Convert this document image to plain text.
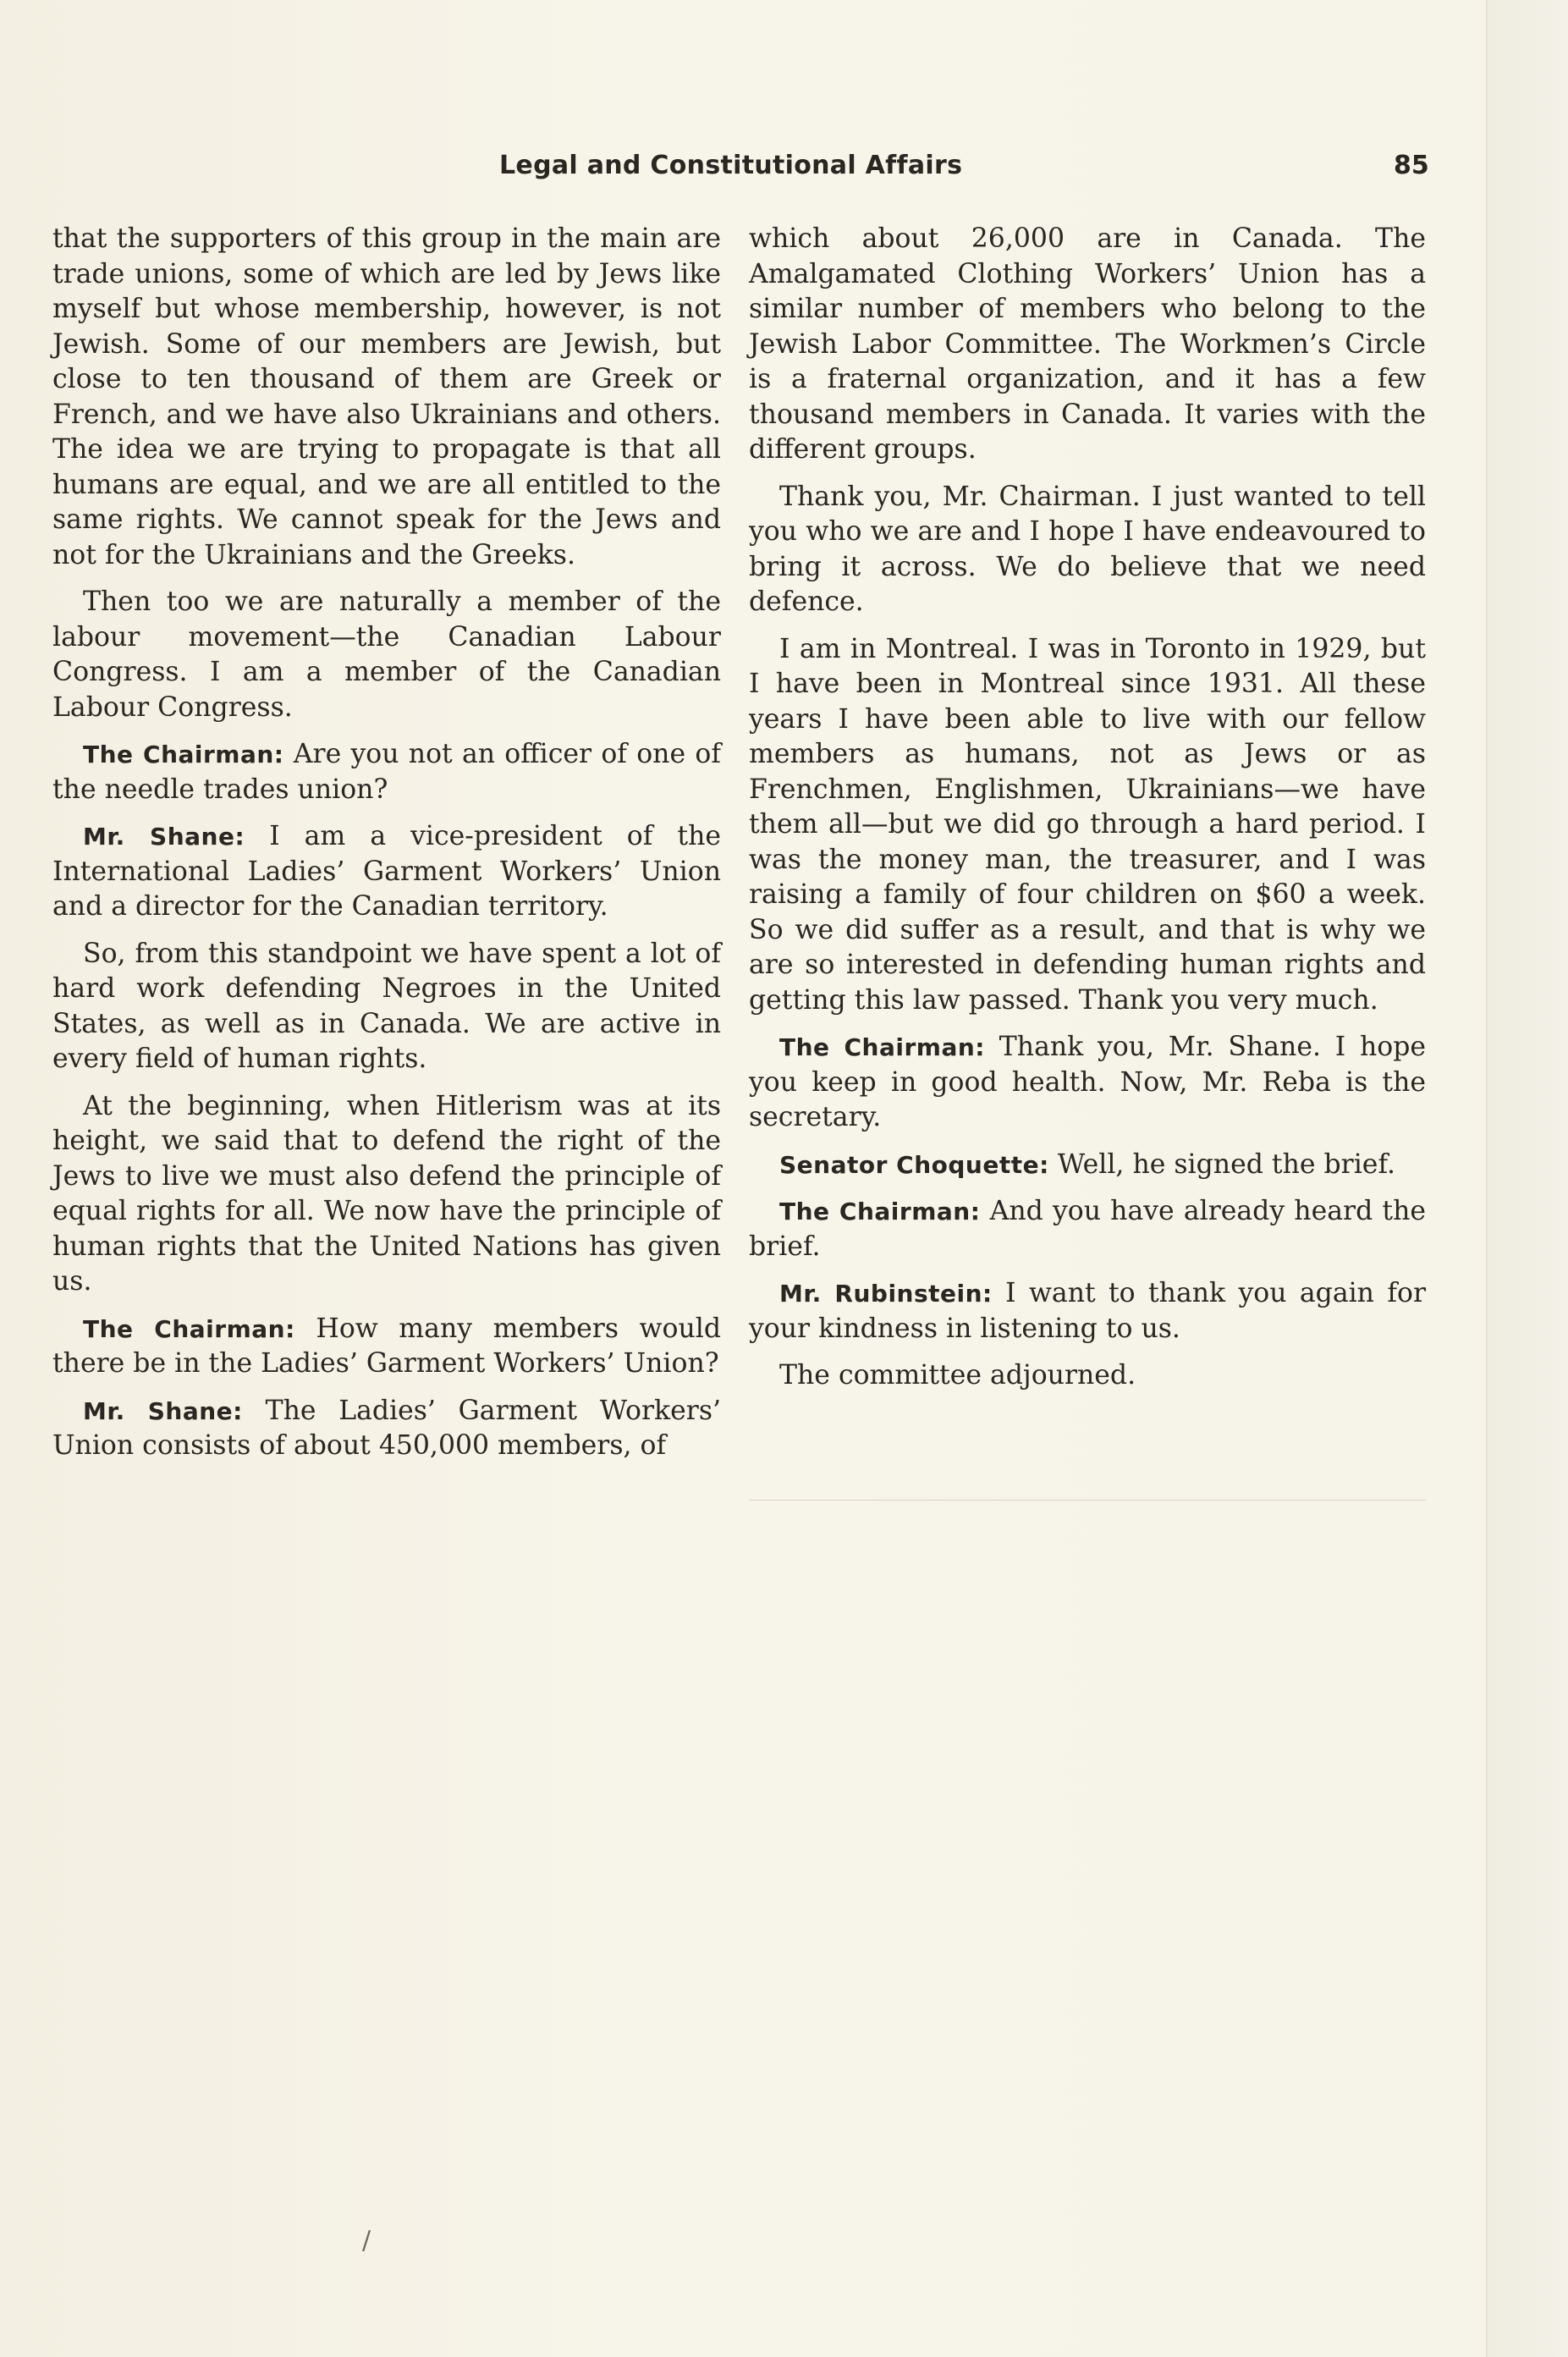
Legal and Constitutional Affairs	85

that the supporters of this group in the main are trade unions, some of which are led by Jews like myself but whose membership, however, is not Jewish. Some of our members are Jewish, but close to ten thousand of them are Greek or French, and we have also Ukrainians and others. The idea we are trying to propagate is that all humans are equal, and we are all entitled to the same rights. We cannot speak for the Jews and not for the Ukrainians and the Greeks.

Then too we are naturally a member of the labour movement—the Canadian Labour Congress. I am a member of the Canadian Labour Congress.

The Chairman: Are you not an officer of one of the needle trades union?

Mr. Shane: I am a vice-president of the International Ladies’ Garment Workers’ Union and a director for the Canadian territory.

So, from this standpoint we have spent a lot of hard work defending Negroes in the United States, as well as in Canada. We are active in every field of human rights.

At the beginning, when Hitlerism was at its height, we said that to defend the right of the Jews to live we must also defend the principle of equal rights for all. We now have the principle of human rights that the United Nations has given us.

The Chairman: How many members would there be in the Ladies’ Garment Workers’ Union?

Mr. Shane: The Ladies’ Garment Workers’ Union consists of about 450,000 members, of

which about 26,000 are in Canada. The Amalgamated Clothing Workers’ Union has a similar number of members who belong to the Jewish Labor Committee. The Workmen’s Circle is a fraternal organization, and it has a few thousand members in Canada. It varies with the different groups.

Thank you, Mr. Chairman. I just wanted to tell you who we are and I hope I have endeavoured to bring it across. We do believe that we need defence.

I am in Montreal. I was in Toronto in 1929, but I have been in Montreal since 1931. All these years I have been able to live with our fellow members as humans, not as Jews or as Frenchmen, Englishmen, Ukrainians—we have them all—but we did go through a hard period. I was the money man, the treasurer, and I was raising a family of four children on $60 a week. So we did suffer as a result, and that is why we are so interested in defending human rights and getting this law passed. Thank you very much.

The Chairman: Thank you, Mr. Shane. I hope you keep in good health. Now, Mr. Reba is the secretary.

Senator Choquette: Well, he signed the brief.

The Chairman: And you have already heard the brief.

Mr. Rubinstein: I want to thank you again for your kindness in listening to us.

The committee adjourned.

/
